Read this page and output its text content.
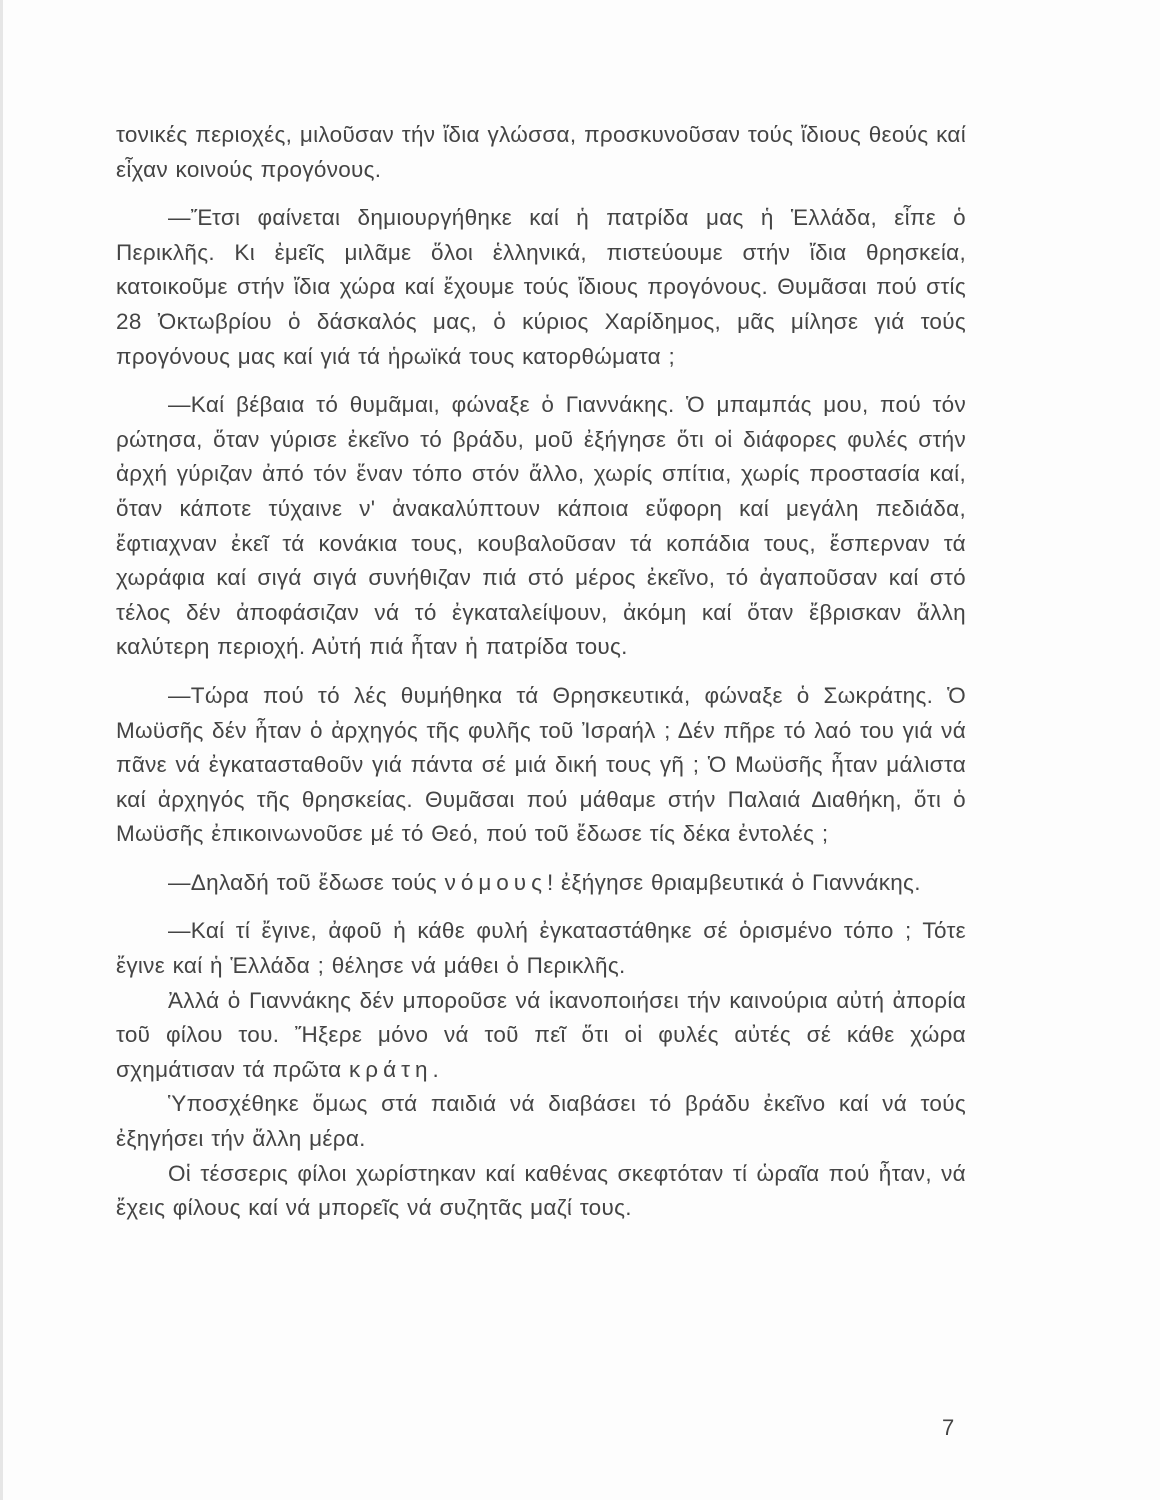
τονικές περιοχές, μιλοῦσαν τήν ἴδια γλώσσα, προσκυνοῦσαν τούς ἴδιους θεούς καί εἶχαν κοινούς προγόνους.

—Ἔτσι φαίνεται δημιουργήθηκε καί ἡ πατρίδα μας ἡ Ἑλλάδα, εἶπε ὁ Περικλῆς. Κι ἐμεῖς μιλᾶμε ὅλοι ἑλληνικά, πιστεύουμε στήν ἴδια θρησκεία, κατοικοῦμε στήν ἴδια χώρα καί ἔχουμε τούς ἴδιους προγόνους. Θυμᾶσαι πού στίς 28 Ὀκτωβρίου ὁ δάσκαλός μας, ὁ κύριος Χαρίδημος, μᾶς μίλησε γιά τούς προγόνους μας καί γιά τά ἡρωϊκά τους κατορθώματα ;

—Καί βέβαια τό θυμᾶμαι, φώναξε ὁ Γιαννάκης. Ὁ μπαμπάς μου, πού τόν ρώτησα, ὅταν γύρισε ἐκεῖνο τό βράδυ, μοῦ ἐξήγησε ὅτι οἱ διάφορες φυλές στήν ἀρχή γύριζαν ἀπό τόν ἕναν τόπο στόν ἄλλο, χωρίς σπίτια, χωρίς προστασία καί, ὅταν κάποτε τύχαινε ν' ἀνακαλύπτουν κάποια εὔφορη καί μεγάλη πεδιάδα, ἔφτιαχναν ἐκεῖ τά κονάκια τους, κουβαλοῦσαν τά κοπάδια τους, ἔσπερναν τά χωράφια καί σιγά σιγά συνήθιζαν πιά στό μέρος ἐκεῖνο, τό ἀγαποῦσαν καί στό τέλος δέν ἀποφάσιζαν νά τό ἐγκαταλείψουν, ἀκόμη καί ὅταν ἔβρισκαν ἄλλη καλύτερη περιοχή. Αὐτή πιά ἦταν ἡ πατρίδα τους.

—Τώρα πού τό λές θυμήθηκα τά Θρησκευτικά, φώναξε ὁ Σωκράτης. Ὁ Μωϋσῆς δέν ἦταν ὁ ἀρχηγός τῆς φυλῆς τοῦ Ἰσραήλ ; Δέν πῆρε τό λαό του γιά νά πᾶνε νά ἐγκατασταθοῦν γιά πάντα σέ μιά δική τους γῆ ; Ὁ Μωϋσῆς ἦταν μάλιστα καί ἀρχηγός τῆς θρησκείας. Θυμᾶσαι πού μάθαμε στήν Παλαιά Διαθήκη, ὅτι ὁ Μωϋσῆς ἐπικοινωνοῦσε μέ τό Θεό, πού τοῦ ἔδωσε τίς δέκα ἐντολές ;

—Δηλαδή τοῦ ἔδωσε τούς νόμους! ἐξήγησε θριαμβευτικά ὁ Γιαννάκης.

—Καί τί ἔγινε, ἀφοῦ ἡ κάθε φυλή ἐγκαταστάθηκε σέ ὁρισμένο τόπο ; Τότε ἔγινε καί ἡ Ἑλλάδα ; θέλησε νά μάθει ὁ Περικλῆς.

Ἀλλά ὁ Γιαννάκης δέν μποροῦσε νά ἱκανοποιήσει τήν καινούρια αὐτή ἀπορία τοῦ φίλου του. Ἤξερε μόνο νά τοῦ πεῖ ὅτι οἱ φυλές αὐτές σέ κάθε χώρα σχημάτισαν τά πρῶτα κράτη.

Ὑποσχέθηκε ὅμως στά παιδιά νά διαβάσει τό βράδυ ἐκεῖνο καί νά τούς ἐξηγήσει τήν ἄλλη μέρα.

Οἱ τέσσερις φίλοι χωρίστηκαν καί καθένας σκεφτόταν τί ὡραῖα πού ἦταν, νά ἔχεις φίλους καί νά μπορεῖς νά συζητᾶς μαζί τους.

7
